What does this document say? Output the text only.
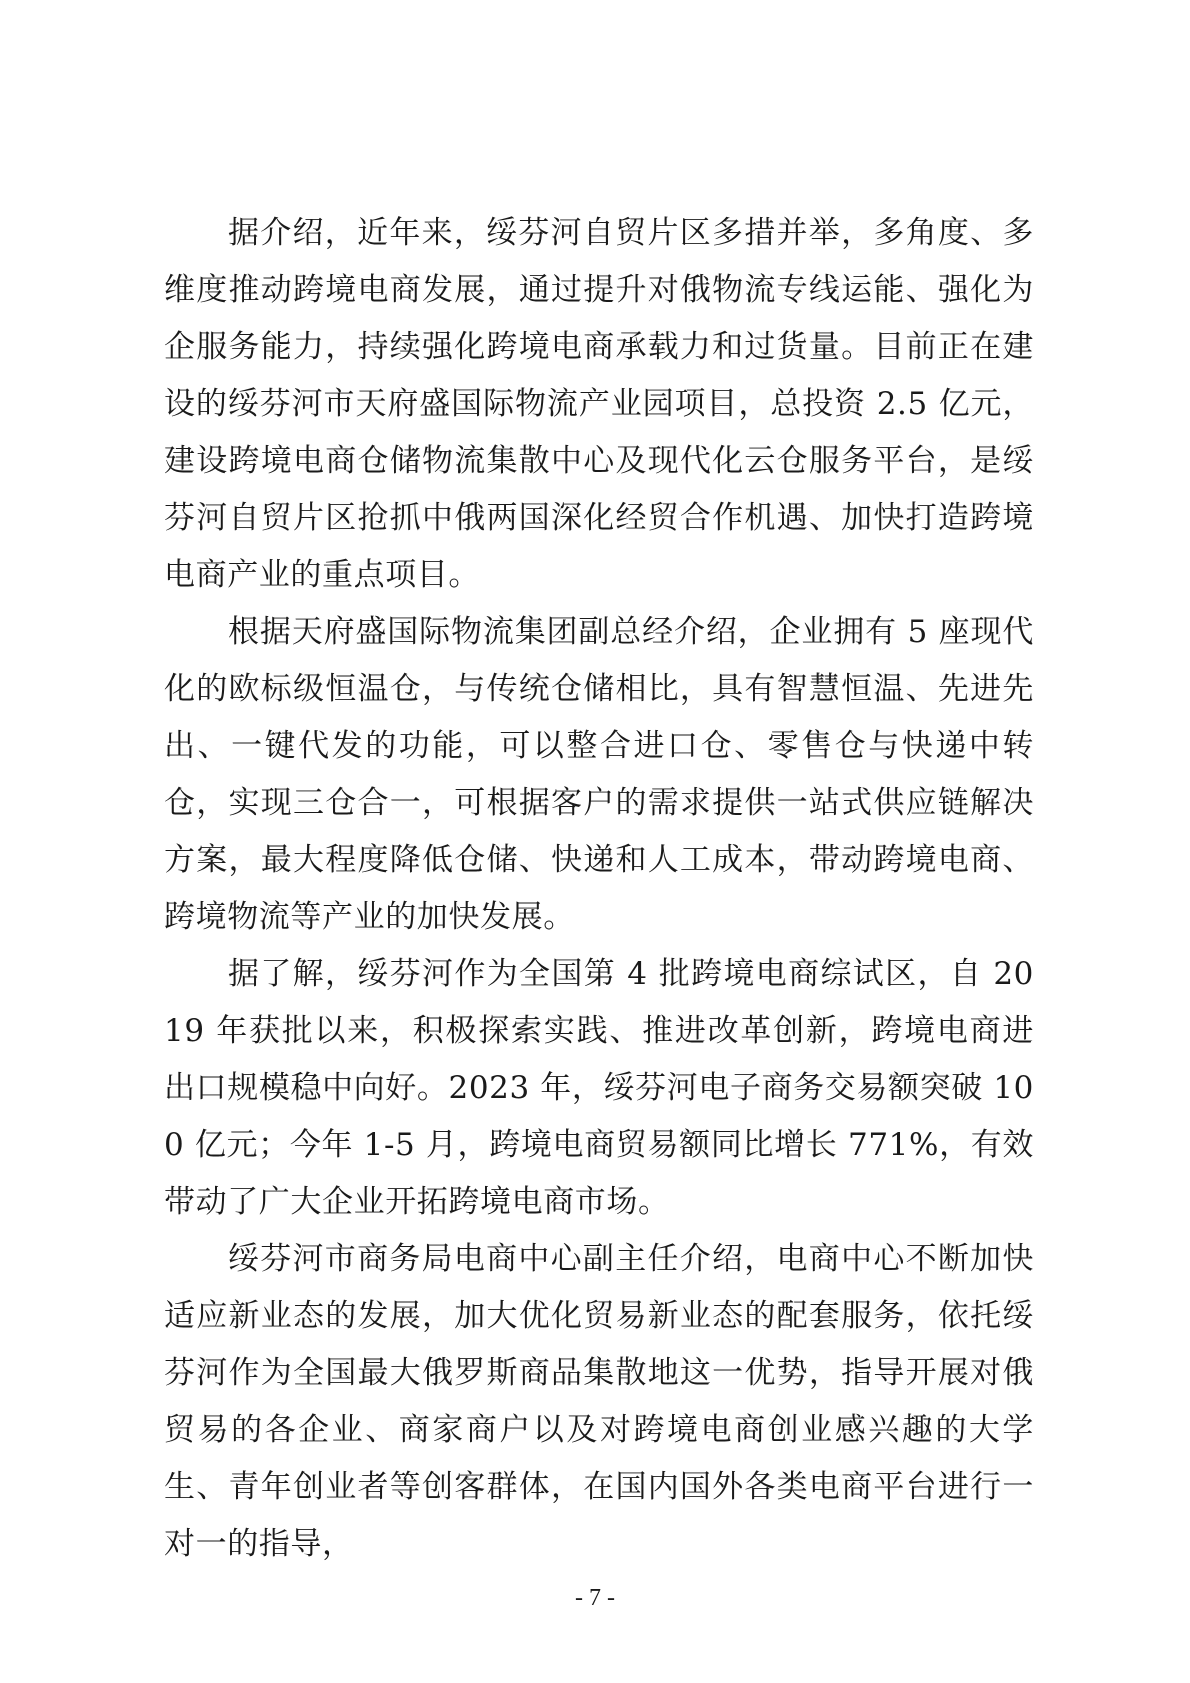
据介绍，近年来，绥芬河自贸片区多措并举，多角度、多维度推动跨境电商发展，通过提升对俄物流专线运能、强化为企服务能力，持续强化跨境电商承载力和过货量。目前正在建设的绥芬河市天府盛国际物流产业园项目，总投资 2.5 亿元，建设跨境电商仓储物流集散中心及现代化云仓服务平台，是绥芬河自贸片区抢抓中俄两国深化经贸合作机遇、加快打造跨境电商产业的重点项目。

根据天府盛国际物流集团副总经介绍，企业拥有 5 座现代化的欧标级恒温仓，与传统仓储相比，具有智慧恒温、先进先出、一键代发的功能，可以整合进口仓、零售仓与快递中转仓，实现三仓合一，可根据客户的需求提供一站式供应链解决方案，最大程度降低仓储、快递和人工成本，带动跨境电商、跨境物流等产业的加快发展。

据了解，绥芬河作为全国第 4 批跨境电商综试区，自 2019 年获批以来，积极探索实践、推进改革创新，跨境电商进出口规模稳中向好。2023 年，绥芬河电子商务交易额突破 100 亿元；今年 1-5 月，跨境电商贸易额同比增长 771%，有效带动了广大企业开拓跨境电商市场。

绥芬河市商务局电商中心副主任介绍，电商中心不断加快适应新业态的发展，加大优化贸易新业态的配套服务，依托绥芬河作为全国最大俄罗斯商品集散地这一优势，指导开展对俄贸易的各企业、商家商户以及对跨境电商创业感兴趣的大学生、青年创业者等创客群体，在国内国外各类电商平台进行一对一的指导，

- 7 -
